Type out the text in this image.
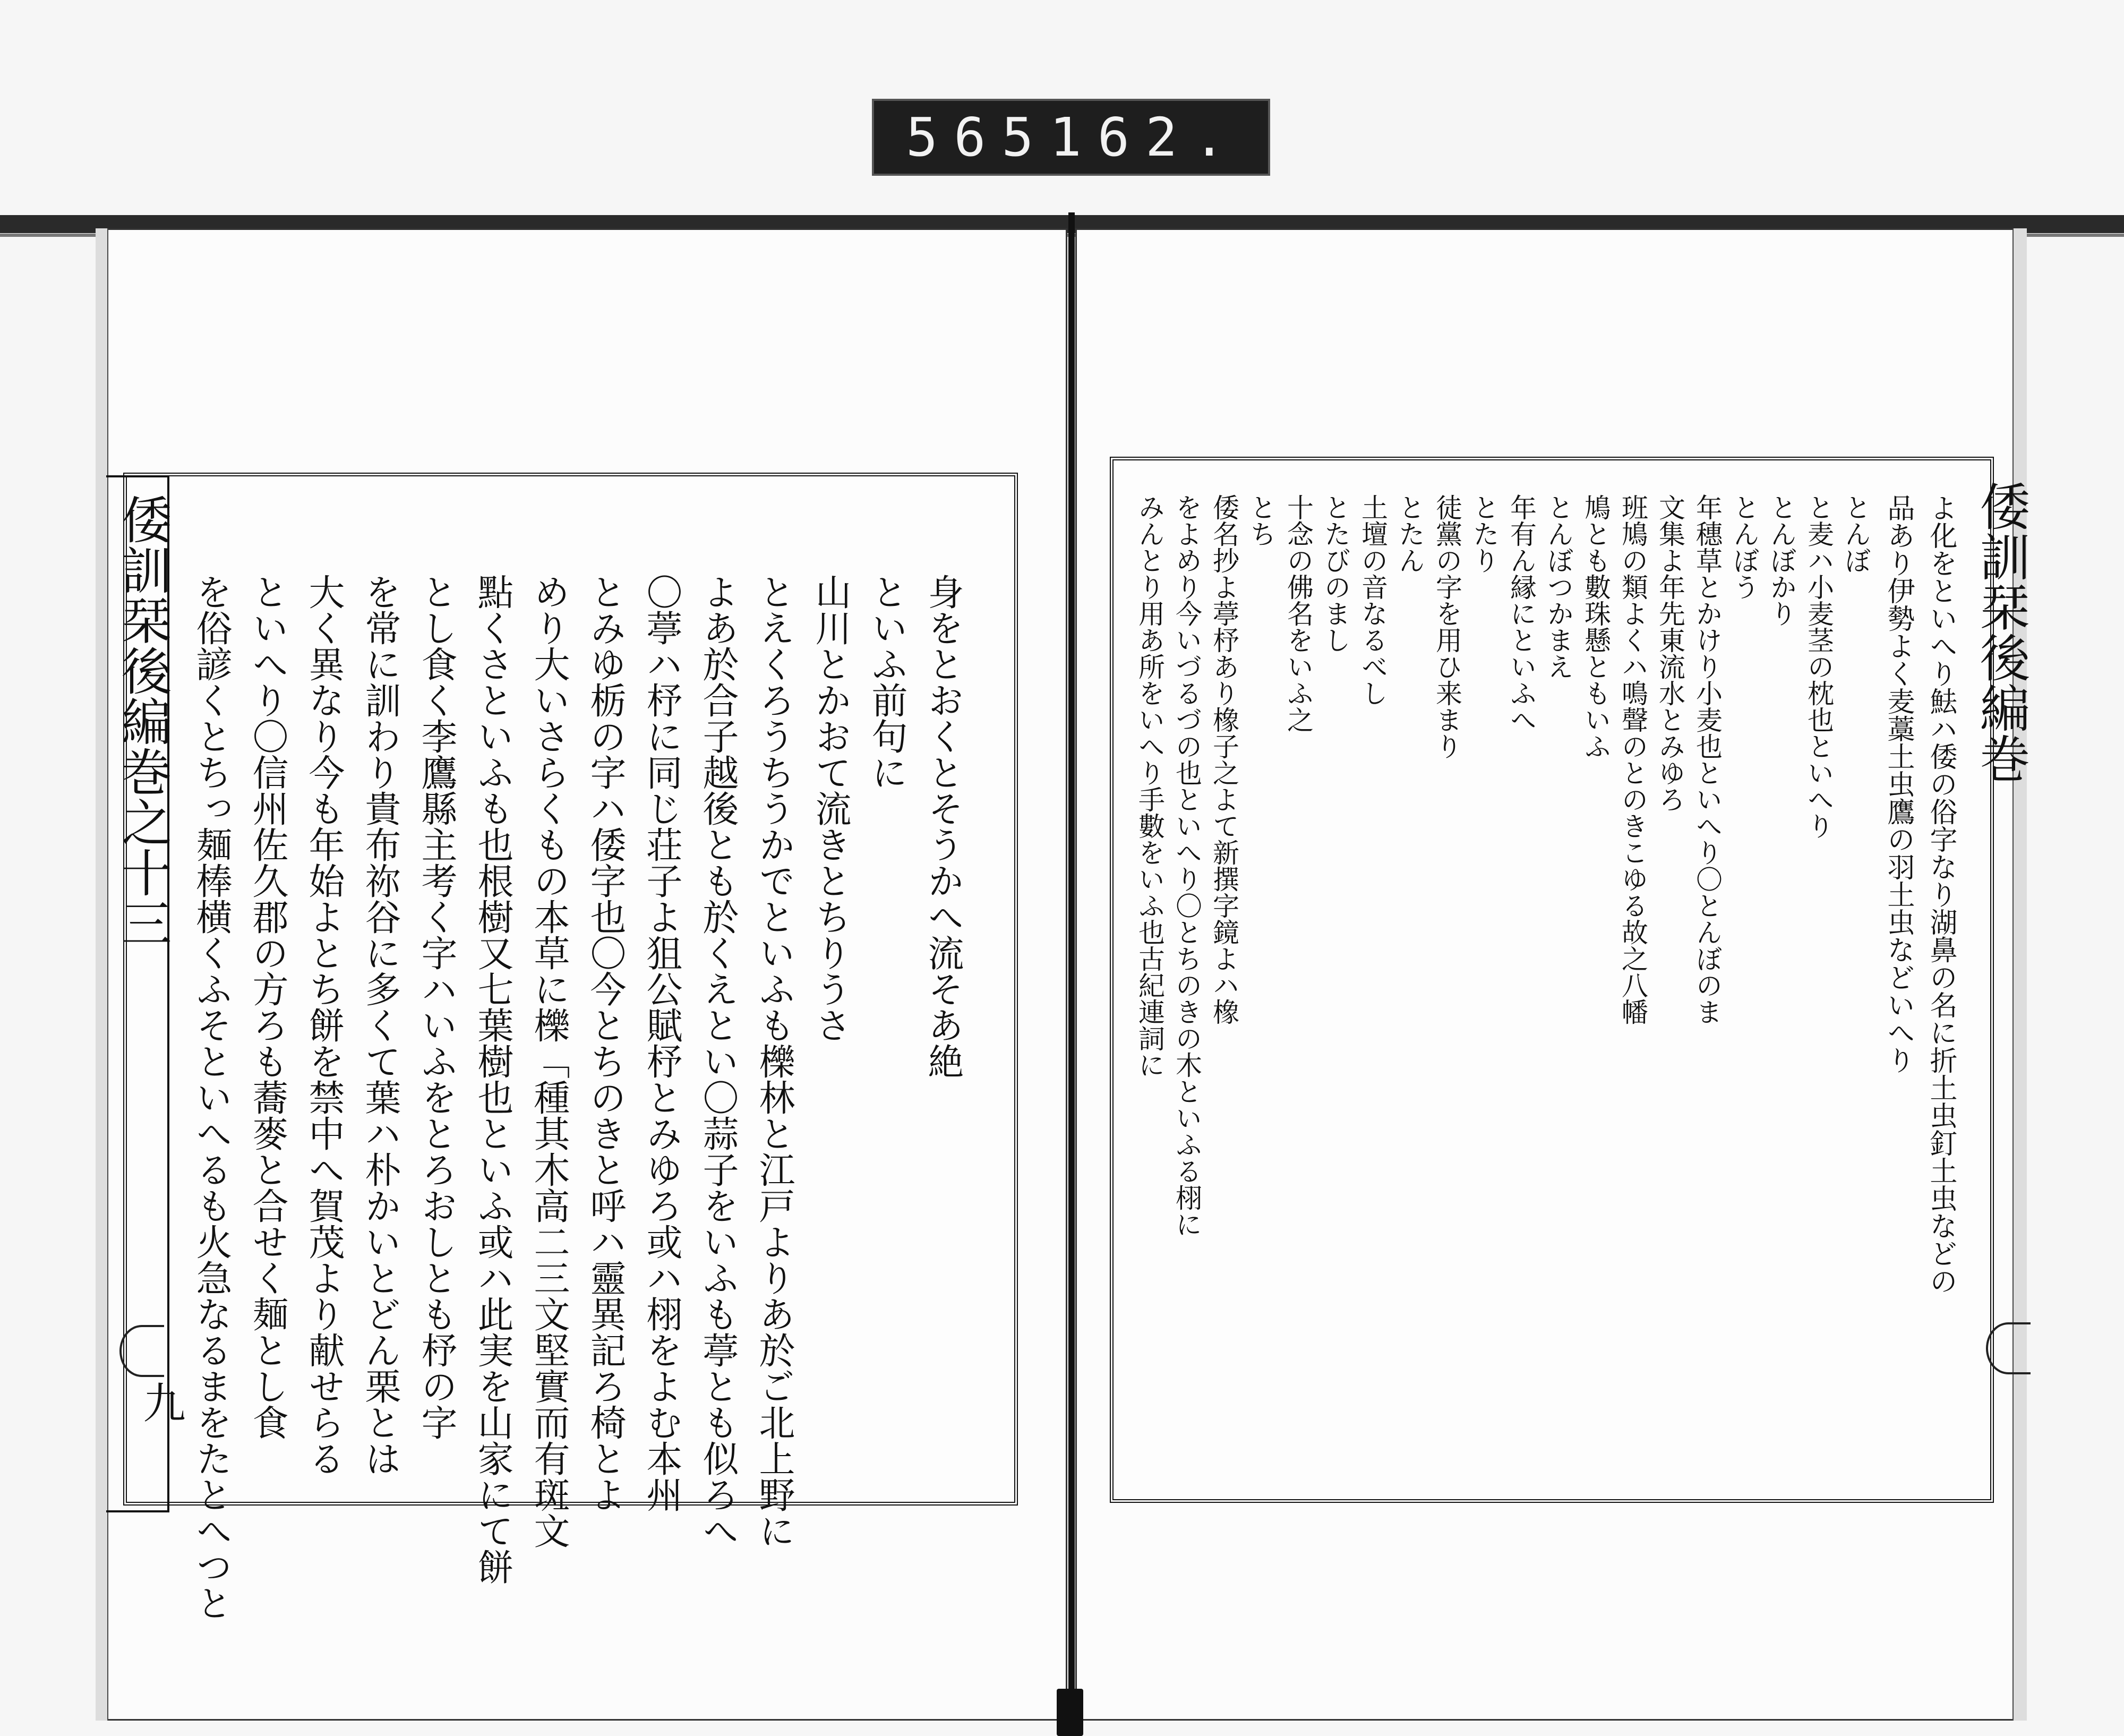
565 162.
倭訓栞後編巻之十三
九
身をとおくとそうかへ流そあ絶
といふ前句に
山川とかおて流きとちりうさ
とえくろうちうかでといふも櫟林と江戸よりあ於ご北上野に
よあ於合子越後とも於くえとい〇蒜子をいふも葶とも似ろへ
〇葶ハ杼に同じ荘子よ狙公賦杼とみゆろ或ハ栩をよむ本州
とみゆ栃の字ハ倭字也〇今とちのきと呼ハ靈異記ろ椅とよ
めり大いさらくもの本草に櫟「種其木高二三文堅實而有斑文
點くさといふも也根樹又七葉樹也といふ或ハ此実を山家にて餅
とし食く李鷹縣主考く字ハいふをとろおしとも杼の字
を常に訓わり貴布祢谷に多くて葉ハ朴かいとどん栗とは
大く異なり今も年始よとち餅を禁中へ賀茂より献せらる
といへり〇信州佐久郡の方ろも蕎麥と合せく麺とし食
を俗諺くとちっ麺棒横くふそといへるも火急なるまをたとへつと	倭訓栞後編巻
よ化をといへり魼ハ倭の俗字なり湖鼻の名に折土虫釘土虫などの
品あり伊勢よく麦藁土虫鷹の羽土虫などいへり
とんぼ
と麦ハ小麦茎の枕也といへり
とんぼかり
とんぼう
年穗草とかけり小麦也といへり〇とんぼのま
文集よ年先東流水とみゆろ
班鳩の類よくハ鳴聲のとのきこゆる故之八幡
鳩とも數珠懸ともいふ
とんぼつかまえ
年有ん縁にといふへ
とたり
徒黨の字を用ひ来まり
とたん
土壇の音なるべし
とたびのまし
十念の佛名をいふ之
とち
倭名抄よ葶杼あり橡子之よて新撰字鏡よハ橡
をよめり今いづるづの也といへり〇とちのきの木といふる栩に
みんとり用あ所をいへり手數をいふ也古紀連詞に
